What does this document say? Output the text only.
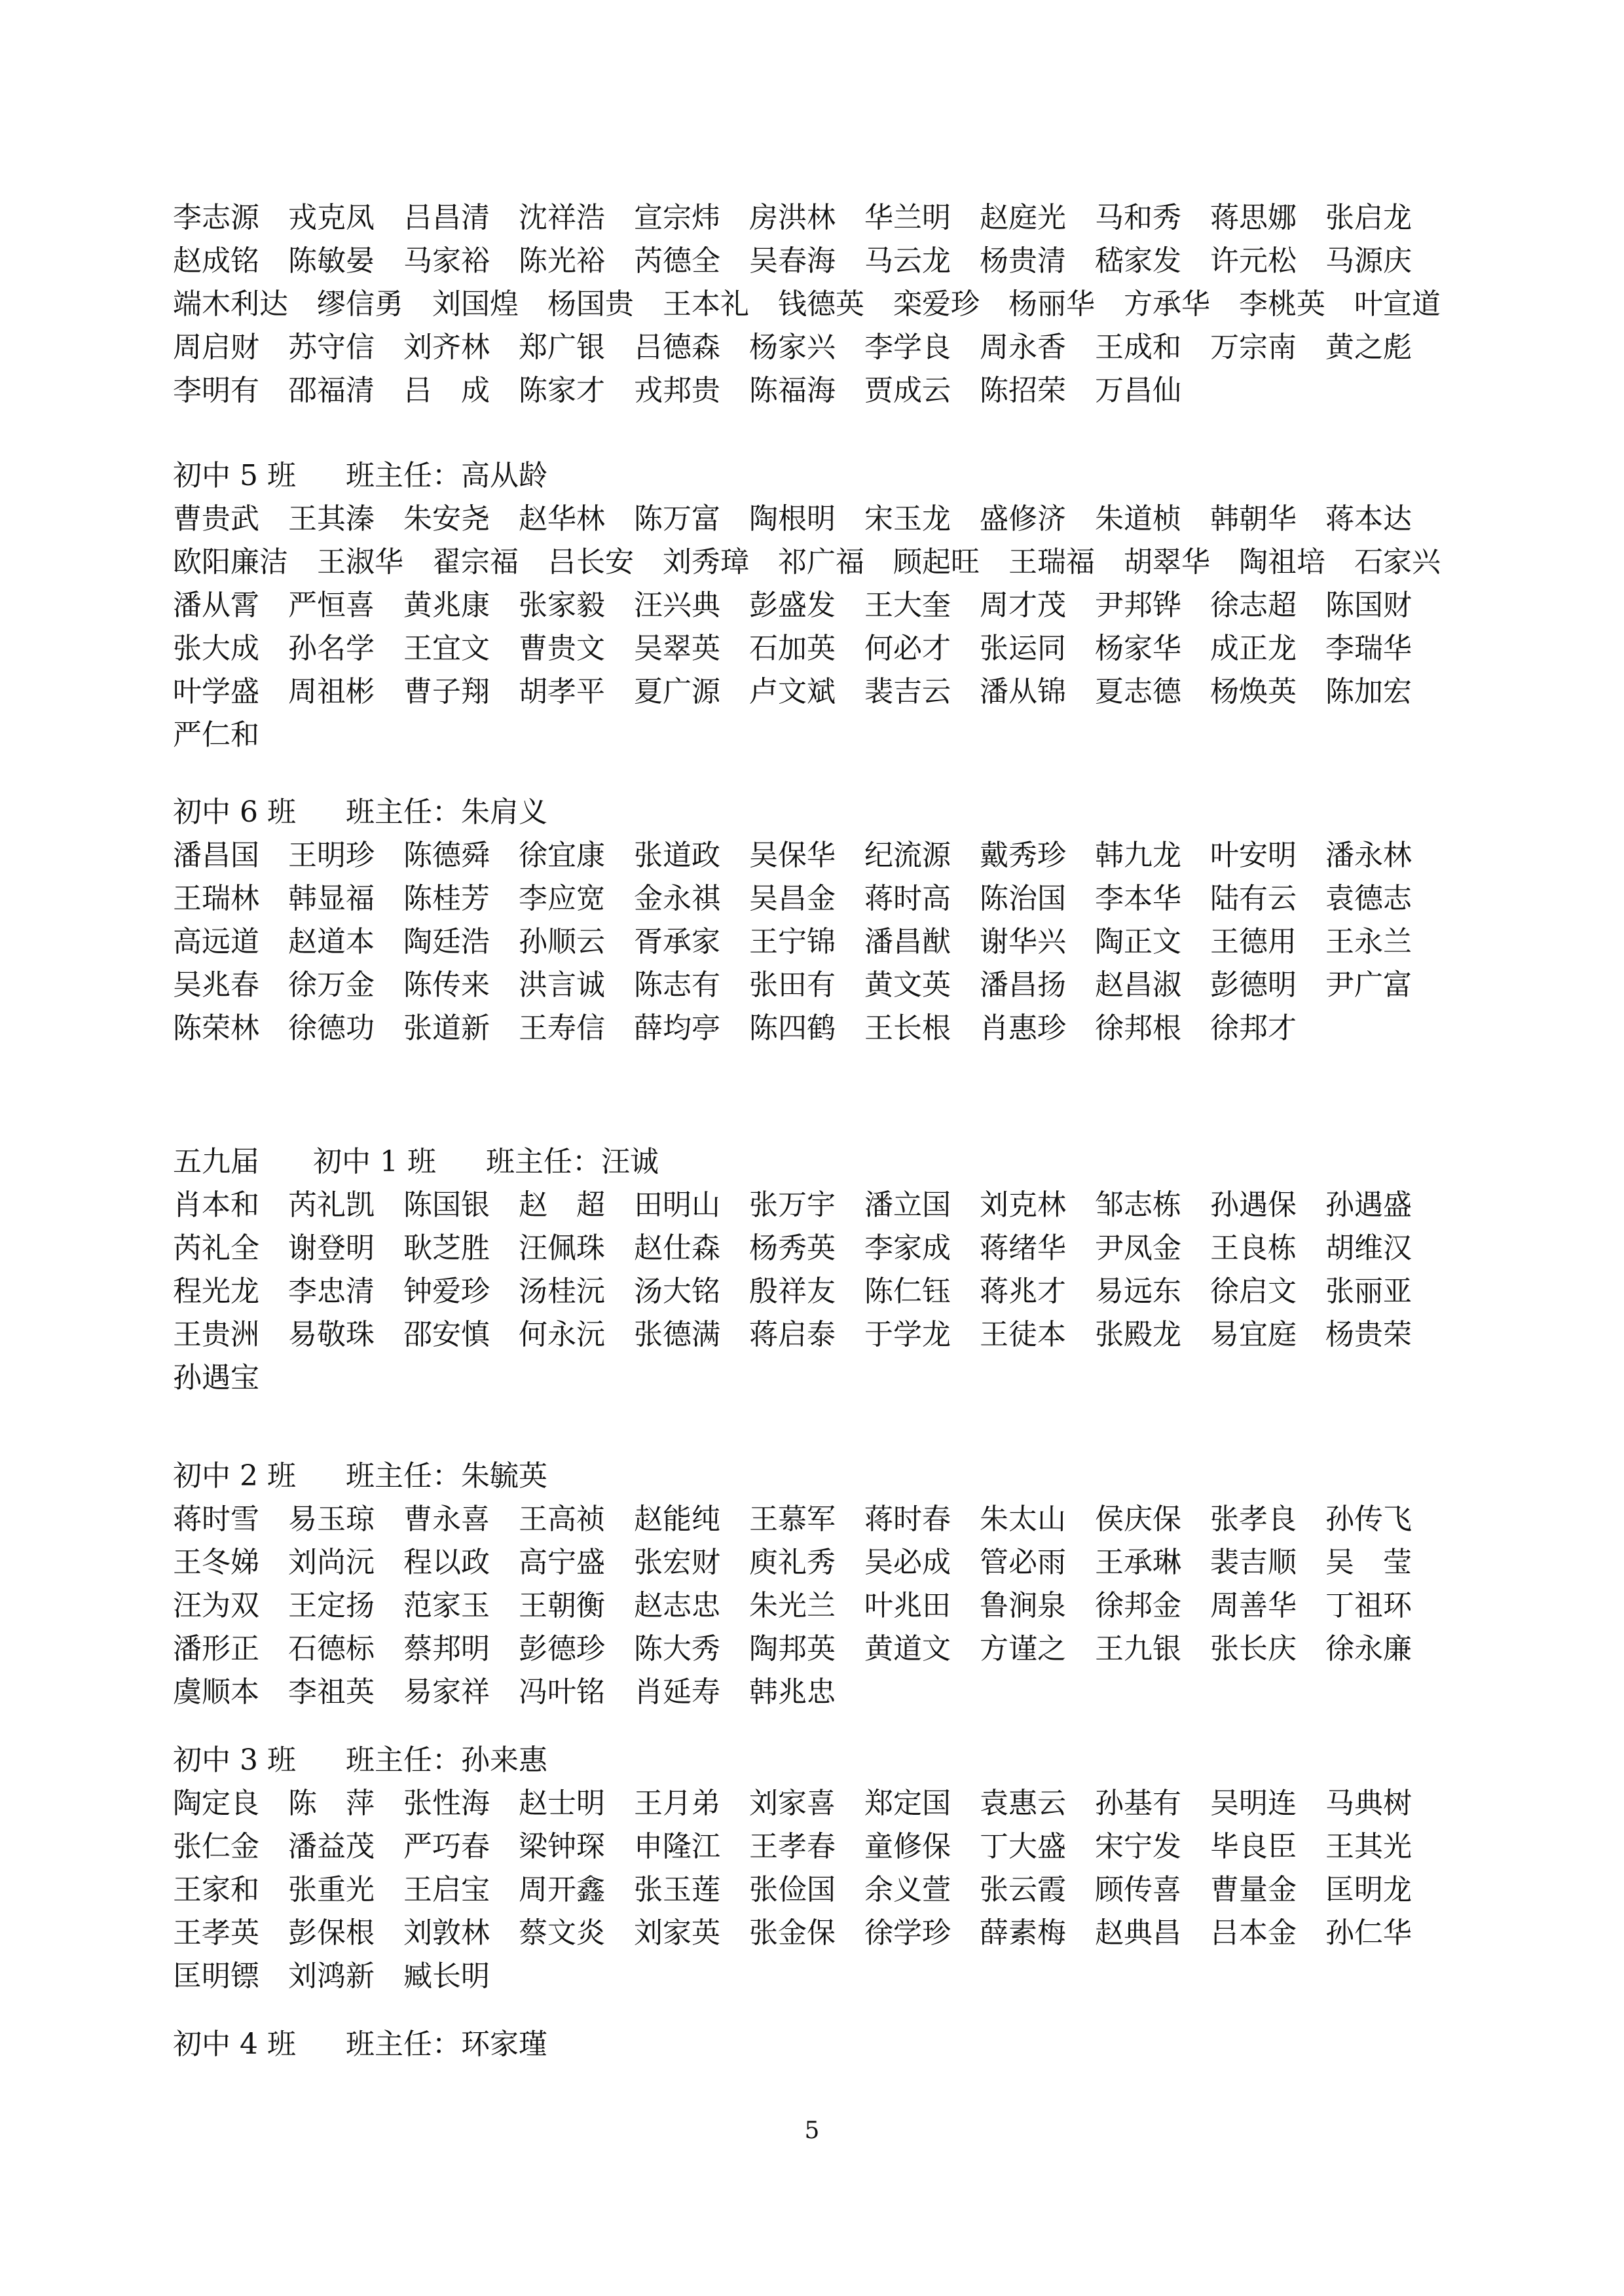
李志源 戎克凤 吕昌清 沈祥浩 宣宗炜 房洪林 华兰明 赵庭光 马和秀 蒋思娜 张启龙
赵成铭 陈敏晏 马家裕 陈光裕 芮德全 吴春海 马云龙 杨贵清 嵇家发 许元松 马源庆
端木利达 缪信勇 刘国煌 杨国贵 王本礼 钱德英 栾爱珍 杨丽华 方承华 李桃英 叶宣道
周启财 苏守信 刘齐林 郑广银 吕德森 杨家兴 李学良 周永香 王成和 万宗南 黄之彪
李明有 邵福清 吕　成 陈家才 戎邦贵 陈福海 贾成云 陈招荣 万昌仙
初中 5 班 班主任：高从龄
曹贵武 王其溱 朱安尧 赵华林 陈万富 陶根明 宋玉龙 盛修济 朱道桢 韩朝华 蒋本达
欧阳廉洁 王淑华 翟宗福 吕长安 刘秀璋 祁广福 顾起旺 王瑞福 胡翠华 陶祖培 石家兴
潘从霄 严恒喜 黄兆康 张家毅 汪兴典 彭盛发 王大奎 周才茂 尹邦铧 徐志超 陈国财
张大成 孙名学 王宜文 曹贵文 吴翠英 石加英 何必才 张运同 杨家华 成正龙 李瑞华
叶学盛 周祖彬 曹子翔 胡孝平 夏广源 卢文斌 裴吉云 潘从锦 夏志德 杨焕英 陈加宏
严仁和
初中 6 班 班主任：朱肩义
潘昌国 王明珍 陈德舜 徐宜康 张道政 吴保华 纪流源 戴秀珍 韩九龙 叶安明 潘永林
王瑞林 韩显福 陈桂芳 李应宽 金永祺 吴昌金 蒋时高 陈治国 李本华 陆有云 袁德志
高远道 赵道本 陶廷浩 孙顺云 胥承家 王宁锦 潘昌猷 谢华兴 陶正文 王德用 王永兰
吴兆春 徐万金 陈传来 洪言诚 陈志有 张田有 黄文英 潘昌扬 赵昌淑 彭德明 尹广富
陈荣林 徐德功 张道新 王寿信 薛均亭 陈四鹤 王长根 肖惠珍 徐邦根 徐邦才
五九届 初中 1 班 班主任：汪诚
肖本和 芮礼凯 陈国银 赵　超 田明山 张万宇 潘立国 刘克林 邹志栋 孙遇保 孙遇盛
芮礼全 谢登明 耿芝胜 汪佩珠 赵仕森 杨秀英 李家成 蒋绪华 尹凤金 王良栋 胡维汉
程光龙 李忠清 钟爱珍 汤桂沅 汤大铭 殷祥友 陈仁钰 蒋兆才 易远东 徐启文 张丽亚
王贵洲 易敬珠 邵安慎 何永沅 张德满 蒋启泰 于学龙 王徒本 张殿龙 易宜庭 杨贵荣
孙遇宝
初中 2 班 班主任：朱毓英
蒋时雪 易玉琼 曹永喜 王高祯 赵能纯 王慕军 蒋时春 朱太山 侯庆保 张孝良 孙传飞
王冬娣 刘尚沅 程以政 高宁盛 张宏财 庾礼秀 吴必成 管必雨 王承琳 裴吉顺 吴　莹
汪为双 王定扬 范家玉 王朝衡 赵志忠 朱光兰 叶兆田 鲁涧泉 徐邦金 周善华 丁祖环
潘形正 石德标 蔡邦明 彭德珍 陈大秀 陶邦英 黄道文 方谨之 王九银 张长庆 徐永廉
虞顺本 李祖英 易家祥 冯叶铭 肖延寿 韩兆忠
初中 3 班 班主任：孙来惠
陶定良 陈　萍 张性海 赵士明 王月弟 刘家喜 郑定国 袁惠云 孙基有 吴明连 马典树
张仁金 潘益茂 严巧春 梁钟琛 申隆江 王孝春 童修保 丁大盛 宋宁发 毕良臣 王其光
王家和 张重光 王启宝 周开鑫 张玉莲 张俭国 余义萱 张云霞 顾传喜 曹量金 匡明龙
王孝英 彭保根 刘敦林 蔡文炎 刘家英 张金保 徐学珍 薛素梅 赵典昌 吕本金 孙仁华
匡明镖 刘鸿新 臧长明
初中 4 班 班主任：环家瑾
5
